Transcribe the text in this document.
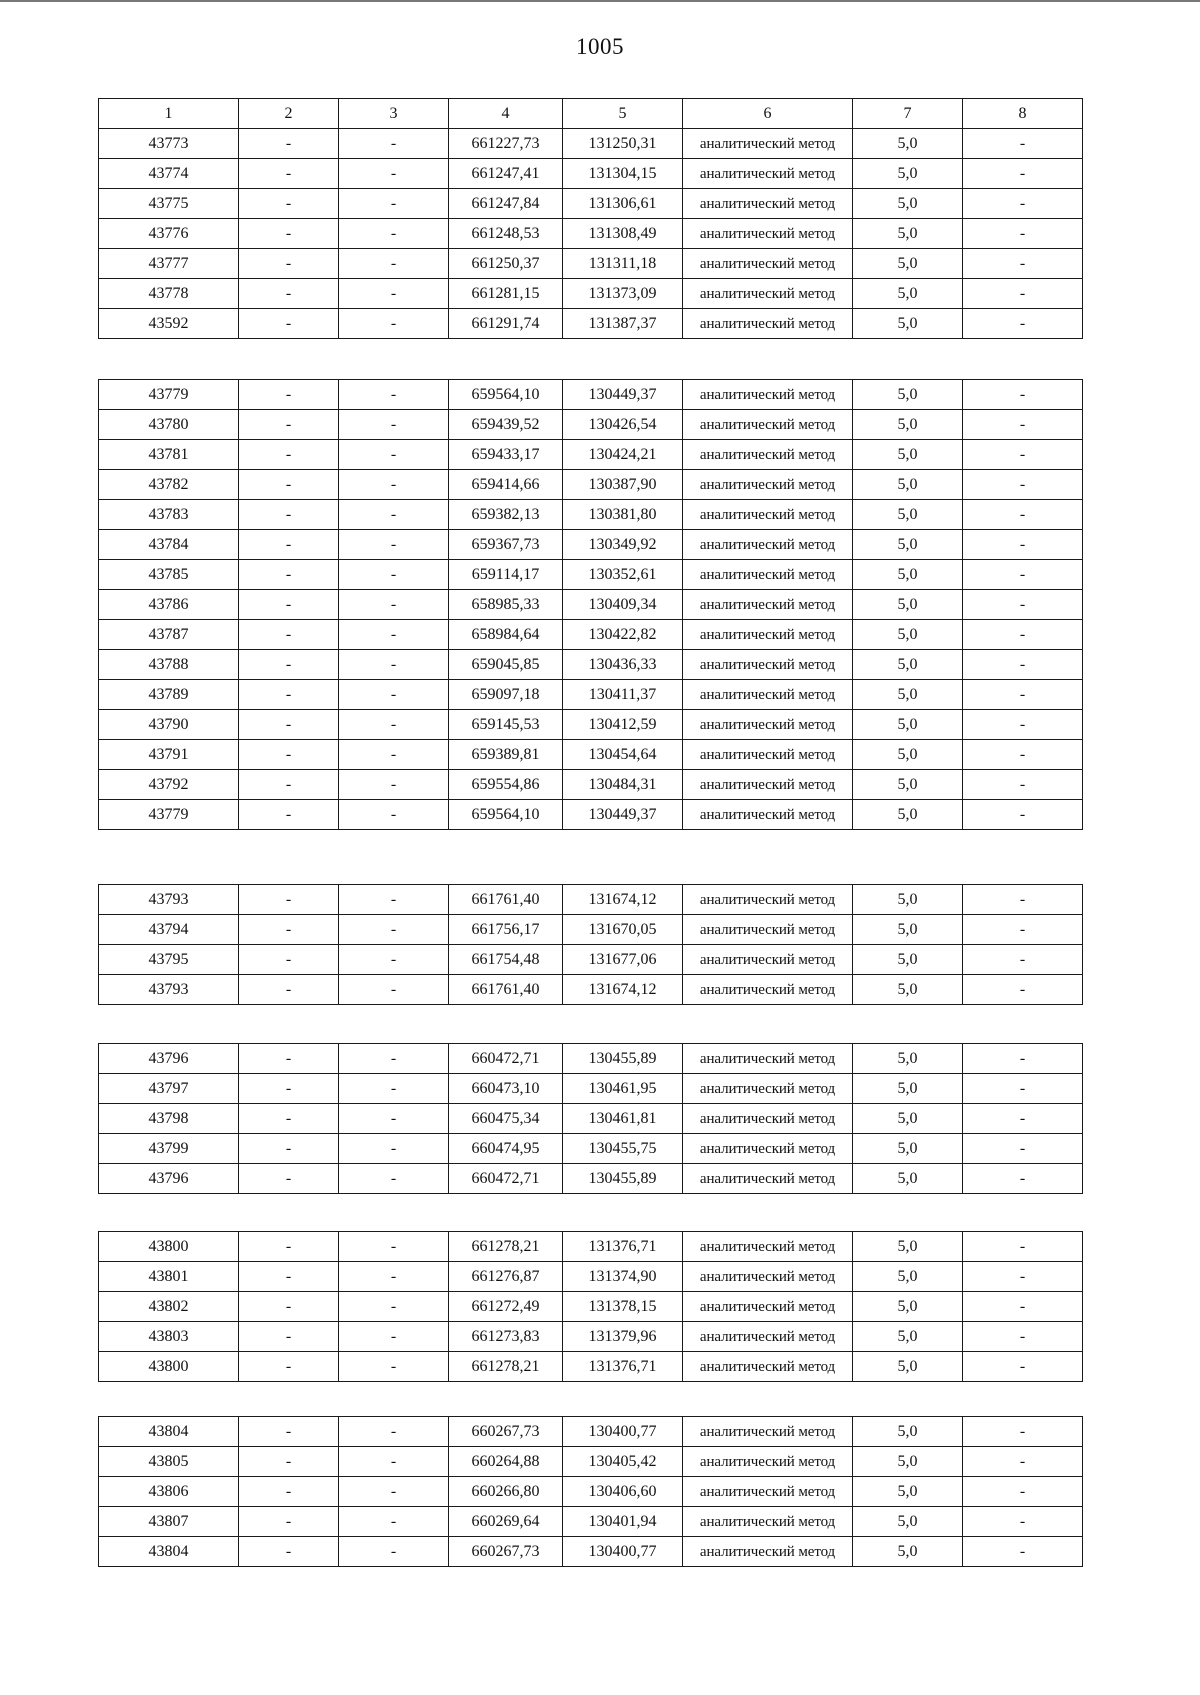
1005
1	2	3	4	5	6	7	8
43773	-	-	661227,73	131250,31	аналитический метод	5,0	-
43774	-	-	661247,41	131304,15	аналитический метод	5,0	-
43775	-	-	661247,84	131306,61	аналитический метод	5,0	-
43776	-	-	661248,53	131308,49	аналитический метод	5,0	-
43777	-	-	661250,37	131311,18	аналитический метод	5,0	-
43778	-	-	661281,15	131373,09	аналитический метод	5,0	-
43592	-	-	661291,74	131387,37	аналитический метод	5,0	-
43779	-	-	659564,10	130449,37	аналитический метод	5,0	-
43780	-	-	659439,52	130426,54	аналитический метод	5,0	-
43781	-	-	659433,17	130424,21	аналитический метод	5,0	-
43782	-	-	659414,66	130387,90	аналитический метод	5,0	-
43783	-	-	659382,13	130381,80	аналитический метод	5,0	-
43784	-	-	659367,73	130349,92	аналитический метод	5,0	-
43785	-	-	659114,17	130352,61	аналитический метод	5,0	-
43786	-	-	658985,33	130409,34	аналитический метод	5,0	-
43787	-	-	658984,64	130422,82	аналитический метод	5,0	-
43788	-	-	659045,85	130436,33	аналитический метод	5,0	-
43789	-	-	659097,18	130411,37	аналитический метод	5,0	-
43790	-	-	659145,53	130412,59	аналитический метод	5,0	-
43791	-	-	659389,81	130454,64	аналитический метод	5,0	-
43792	-	-	659554,86	130484,31	аналитический метод	5,0	-
43779	-	-	659564,10	130449,37	аналитический метод	5,0	-
43793	-	-	661761,40	131674,12	аналитический метод	5,0	-
43794	-	-	661756,17	131670,05	аналитический метод	5,0	-
43795	-	-	661754,48	131677,06	аналитический метод	5,0	-
43793	-	-	661761,40	131674,12	аналитический метод	5,0	-
43796	-	-	660472,71	130455,89	аналитический метод	5,0	-
43797	-	-	660473,10	130461,95	аналитический метод	5,0	-
43798	-	-	660475,34	130461,81	аналитический метод	5,0	-
43799	-	-	660474,95	130455,75	аналитический метод	5,0	-
43796	-	-	660472,71	130455,89	аналитический метод	5,0	-
43800	-	-	661278,21	131376,71	аналитический метод	5,0	-
43801	-	-	661276,87	131374,90	аналитический метод	5,0	-
43802	-	-	661272,49	131378,15	аналитический метод	5,0	-
43803	-	-	661273,83	131379,96	аналитический метод	5,0	-
43800	-	-	661278,21	131376,71	аналитический метод	5,0	-
43804	-	-	660267,73	130400,77	аналитический метод	5,0	-
43805	-	-	660264,88	130405,42	аналитический метод	5,0	-
43806	-	-	660266,80	130406,60	аналитический метод	5,0	-
43807	-	-	660269,64	130401,94	аналитический метод	5,0	-
43804	-	-	660267,73	130400,77	аналитический метод	5,0	-
